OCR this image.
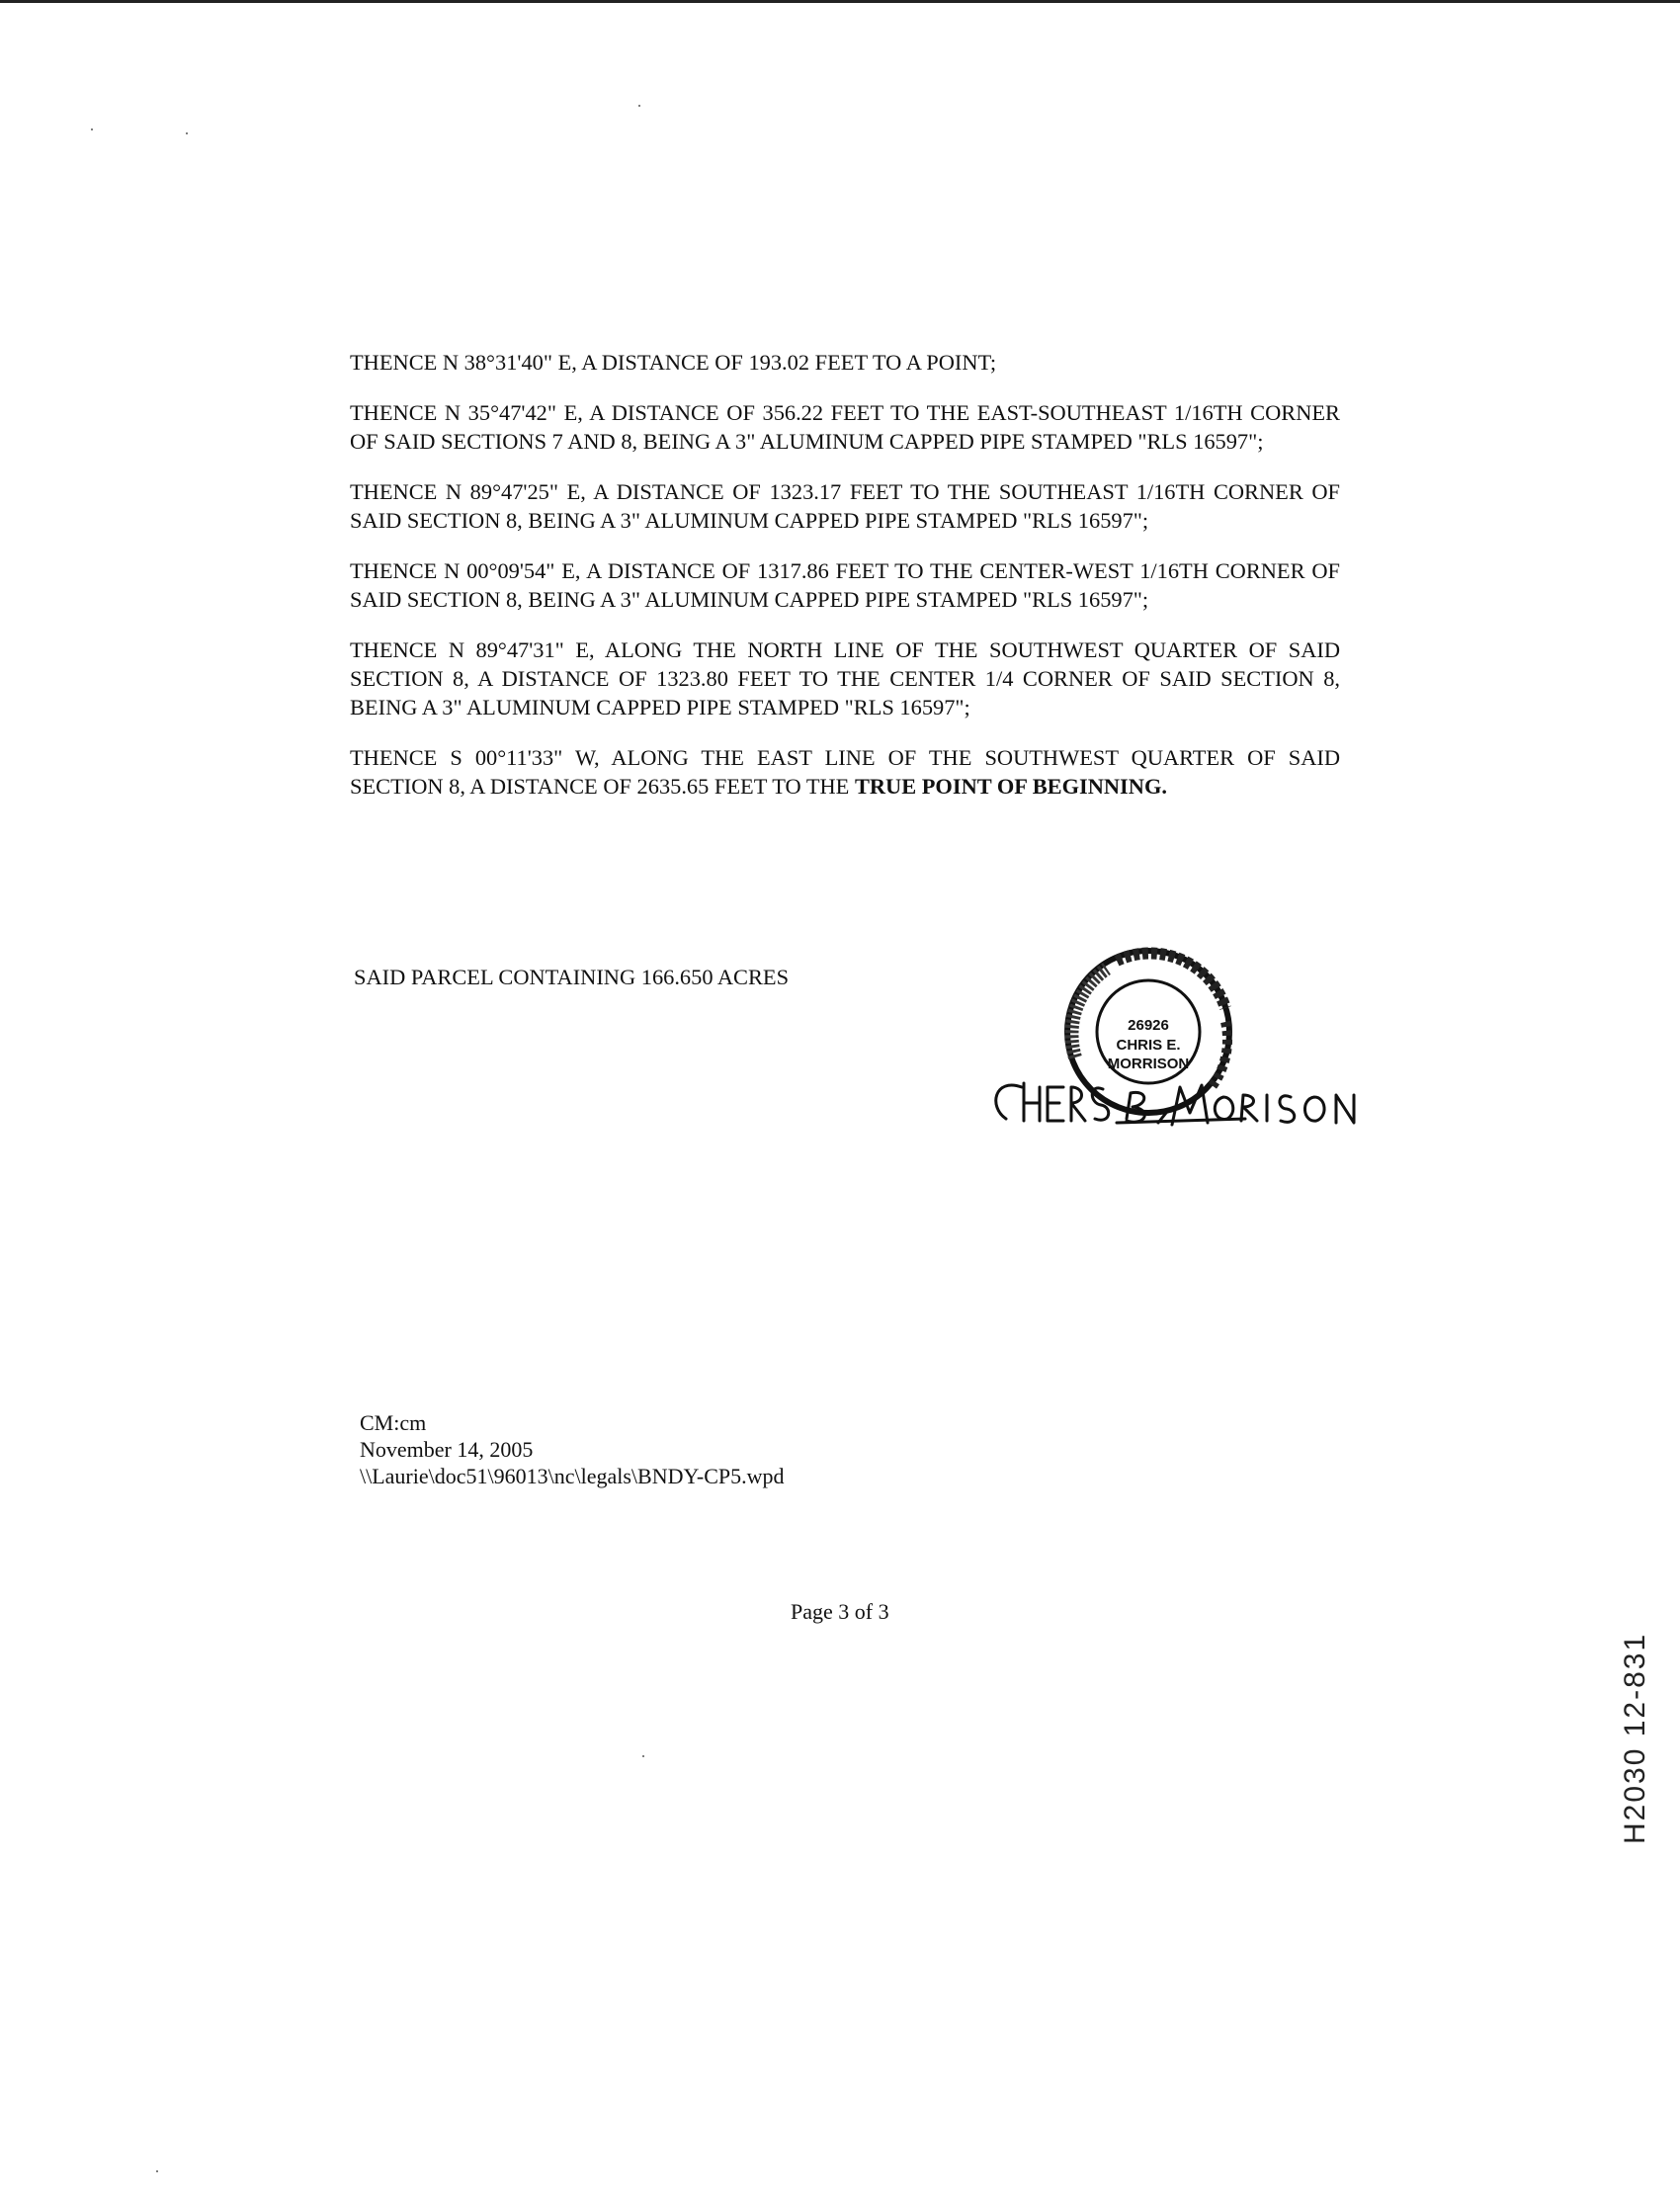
THENCE N 38°31'40" E, A DISTANCE OF 193.02 FEET TO A POINT;

THENCE N 35°47'42" E, A DISTANCE OF 356.22 FEET TO THE EAST-SOUTHEAST 1/16TH CORNER OF SAID SECTIONS 7 AND 8, BEING A 3" ALUMINUM CAPPED PIPE STAMPED "RLS 16597";

THENCE N 89°47'25" E, A DISTANCE OF 1323.17 FEET TO THE SOUTHEAST 1/16TH CORNER OF SAID SECTION 8, BEING A 3" ALUMINUM CAPPED PIPE STAMPED "RLS 16597";

THENCE N 00°09'54" E, A DISTANCE OF 1317.86 FEET TO THE CENTER-WEST 1/16TH CORNER OF SAID SECTION 8, BEING A 3" ALUMINUM CAPPED PIPE STAMPED "RLS 16597";

THENCE N 89°47'31" E, ALONG THE NORTH LINE OF THE SOUTHWEST QUARTER OF SAID SECTION 8, A DISTANCE OF 1323.80 FEET TO THE CENTER 1/4 CORNER OF SAID SECTION 8, BEING A 3" ALUMINUM CAPPED PIPE STAMPED "RLS 16597";

THENCE S 00°11'33" W, ALONG THE EAST LINE OF THE SOUTHWEST QUARTER OF SAID SECTION 8, A DISTANCE OF 2635.65 FEET TO THE TRUE POINT OF BEGINNING.

SAID PARCEL CONTAINING 166.650 ACRES
26926
CHRIS E.
MORRISON
CM:cm
November 14, 2005
\\Laurie\doc51\96013\nc\legals\BNDY-CP5.wpd
Page 3 of 3
H2030 12-831
